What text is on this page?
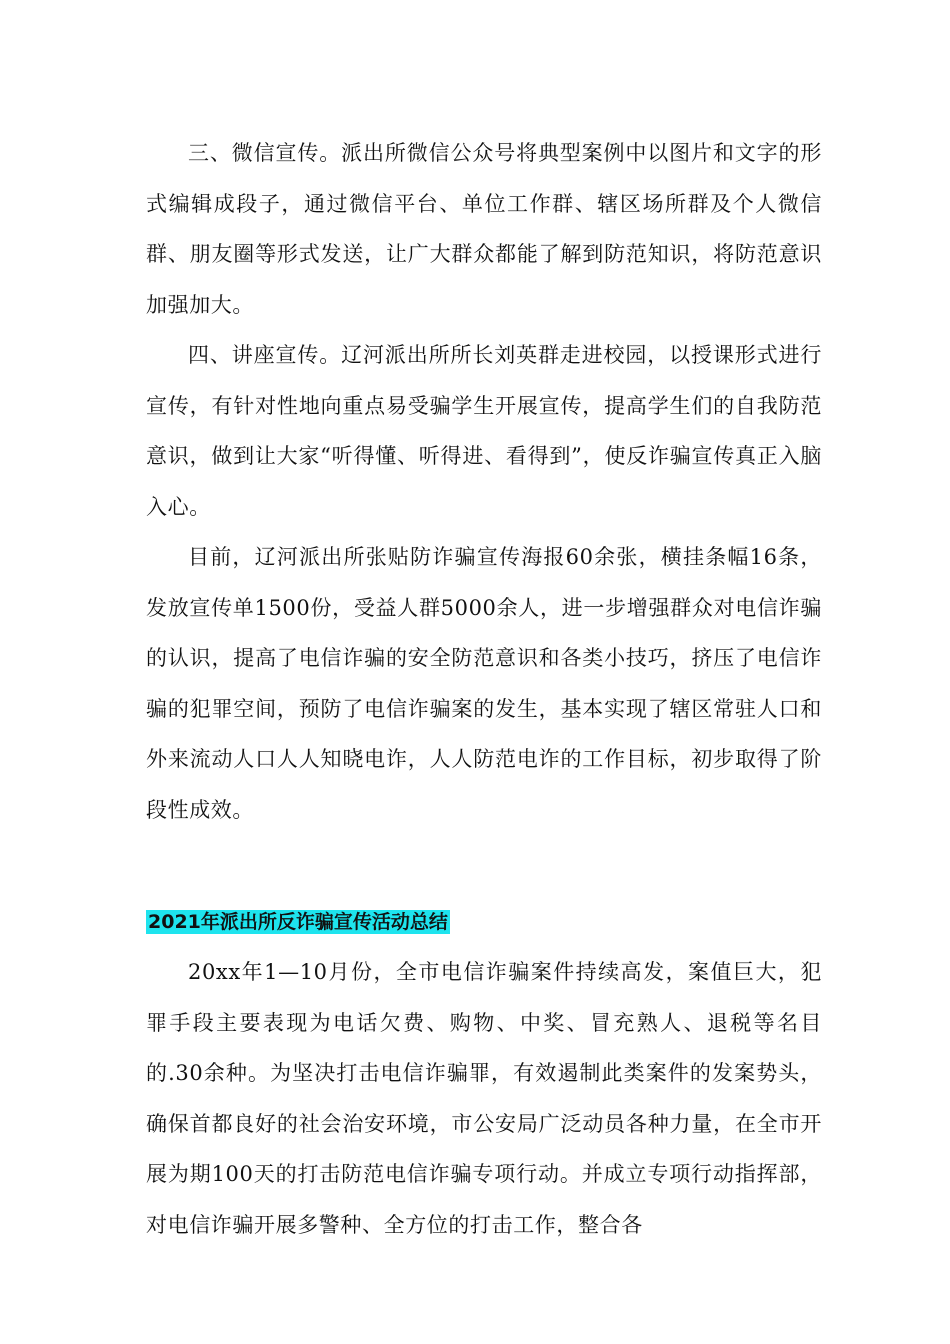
三、微信宣传。派出所微信公众号将典型案例中以图片和文字的形式编辑成段子，通过微信平台、单位工作群、辖区场所群及个人微信群、朋友圈等形式发送，让广大群众都能了解到防范知识，将防范意识加强加大。

四、讲座宣传。辽河派出所所长刘英群走进校园，以授课形式进行宣传，有针对性地向重点易受骗学生开展宣传，提高学生们的自我防范意识，做到让大家“听得懂、听得进、看得到”，使反诈骗宣传真正入脑入心。

目前，辽河派出所张贴防诈骗宣传海报60余张，横挂条幅16条，发放宣传单1500份，受益人群5000余人，进一步增强群众对电信诈骗的认识，提高了电信诈骗的安全防范意识和各类小技巧，挤压了电信诈骗的犯罪空间，预防了电信诈骗案的发生，基本实现了辖区常驻人口和外来流动人口人人知晓电诈，人人防范电诈的工作目标，初步取得了阶段性成效。

2021年派出所反诈骗宣传活动总结

20xx年1—10月份，全市电信诈骗案件持续高发，案值巨大，犯罪手段主要表现为电话欠费、购物、中奖、冒充熟人、退税等名目的.30余种。为坚决打击电信诈骗罪，有效遏制此类案件的发案势头，确保首都良好的社会治安环境，市公安局广泛动员各种力量，在全市开展为期100天的打击防范电信诈骗专项行动。并成立专项行动指挥部，对电信诈骗开展多警种、全方位的打击工作，整合各
